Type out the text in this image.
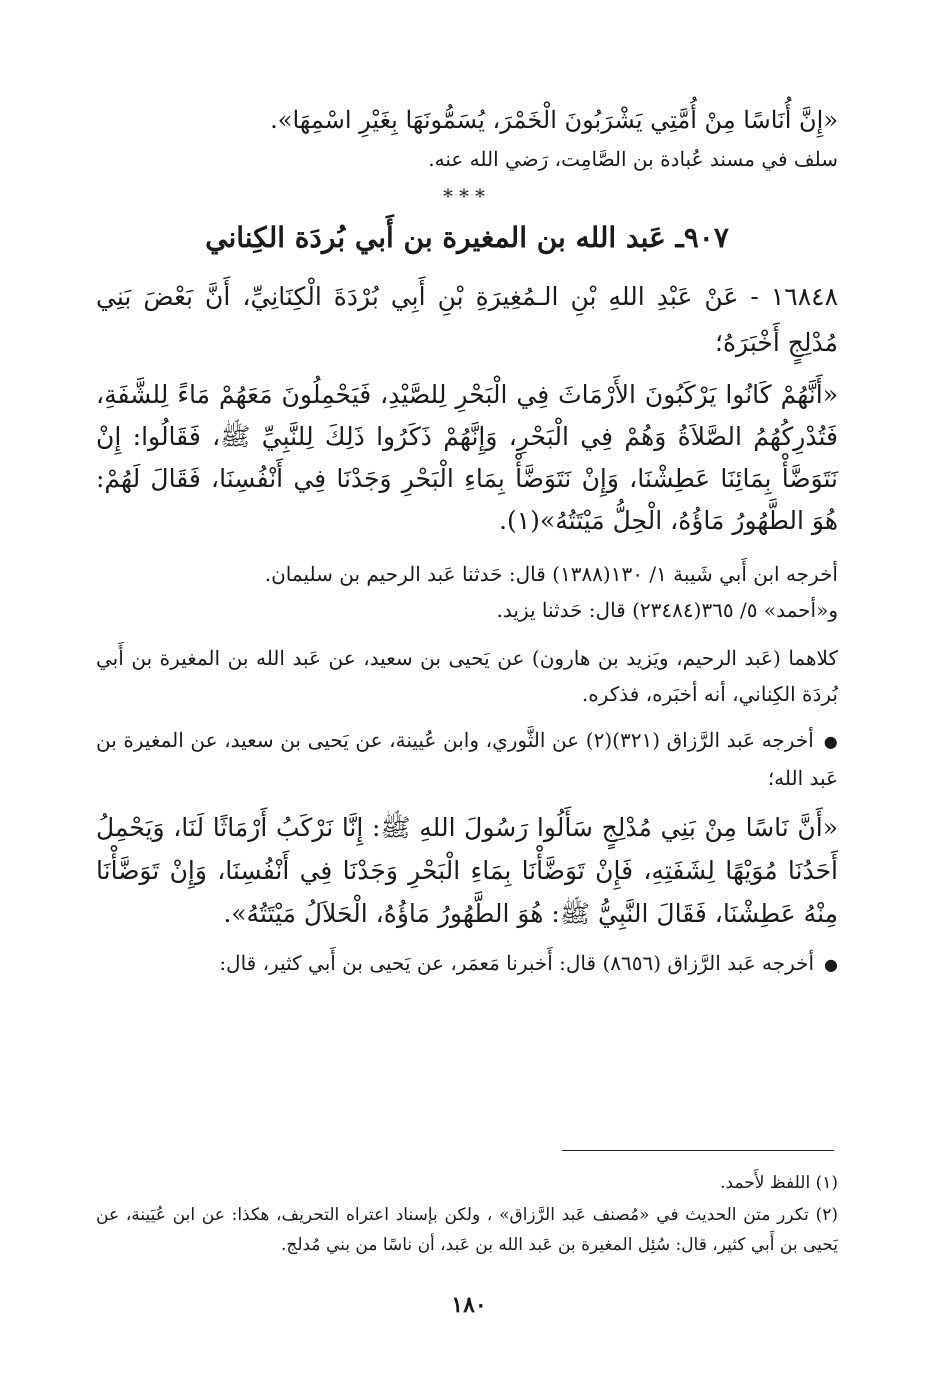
«إِنَّ أُنَاسًا مِنْ أُمَّتِي يَشْرَبُونَ الْخَمْرَ، يُسَمُّونَهَا بِغَيْرِ اسْمِهَا».

سلف في مسند عُبادة بن الصَّامِت، رَضي الله عنه.

***
٩٠٧ـ عَبد الله بن المغيرة بن أَبي بُردَة الكِناني

١٦٨٤٨ - عَنْ عَبْدِ اللهِ بْنِ الـمُغِيرَةِ بْنِ أَبِي بُرْدَةَ الْكِنَانِيِّ، أَنَّ بَعْضَ بَنِي مُدْلِجٍ أَخْبَرَهُ؛

«أَنَّهُمْ كَانُوا يَرْكَبُونَ الأَرْمَاثَ فِي الْبَحْرِ لِلصَّيْدِ، فَيَحْمِلُونَ مَعَهُمْ مَاءً لِلشَّفَةِ، فَتُدْرِكُهُمُ الصَّلاَةُ وَهُمْ فِي الْبَحْرِ، وَإِنَّهُمْ ذَكَرُوا ذَلِكَ لِلنَّبِيِّ ﷺ، فَقَالُوا: إِنْ نَتَوَضَّأْ بِمَائِنَا عَطِشْنَا، وَإِنْ نَتَوَضَّأْ بِمَاءِ الْبَحْرِ وَجَدْنَا فِي أَنْفُسِنَا، فَقَالَ لَهُمْ: هُوَ الطَّهُورُ مَاؤُهُ، الْحِلُّ مَيْتَتُهُ»(١).

أخرجه ابن أَبي شَيبة ١/ ١٣٠(١٣٨٨) قال: حَدثنا عَبد الرحيم بن سليمان.

و«أحمد» ٥/ ٣٦٥(٢٣٤٨٤) قال: حَدثنا يزيد.

كلاهما (عَبد الرحيم، ويَزيد بن هارون) عن يَحيى بن سعيد، عن عَبد الله بن المغيرة بن أَبي بُردَة الكِناني، أنه أخبَره، فذكره.

●أخرجه عَبد الرَّزاق (٣٢١)(٢) عن الثَّوري، وابن عُيينة، عن يَحيى بن سعيد، عن المغيرة بن عَبد الله؛

«أَنَّ نَاسًا مِنْ بَنِي مُدْلِجٍ سَأَلُوا رَسُولَ اللهِ ﷺ: إِنَّا نَرْكَبُ أَرْمَاثًا لَنَا، وَيَحْمِلُ أَحَدُنَا مُوَيْهًا لِشَفَتِهِ، فَإِنْ تَوَضَّأْنَا بِمَاءِ الْبَحْرِ وَجَدْنَا فِي أَنْفُسِنَا، وَإِنْ تَوَضَّأْنَا مِنْهُ عَطِشْنَا، فَقَالَ النَّبِيُّ ﷺ: هُوَ الطَّهُورُ مَاؤُهُ، الْحَلاَلُ مَيْتَتُهُ».

●أخرجه عَبد الرَّزاق (٨٦٥٦) قال: أَخبرنا مَعمَر، عن يَحيى بن أَبي كثير، قال:

(١) اللفظ لأَحمد.

(٢) تكرر متن الحديث في «مُصنف عَبد الرَّزاق» ، ولكن بإسناد اعتراه التحريف، هكذا: عن ابن عُيَينة، عن يَحيى بن أَبي كثير، قال: سُئِل المغيرة بن عَبد الله بن عَبد، أن ناسًا من بني مُدلج.

١٨٠
